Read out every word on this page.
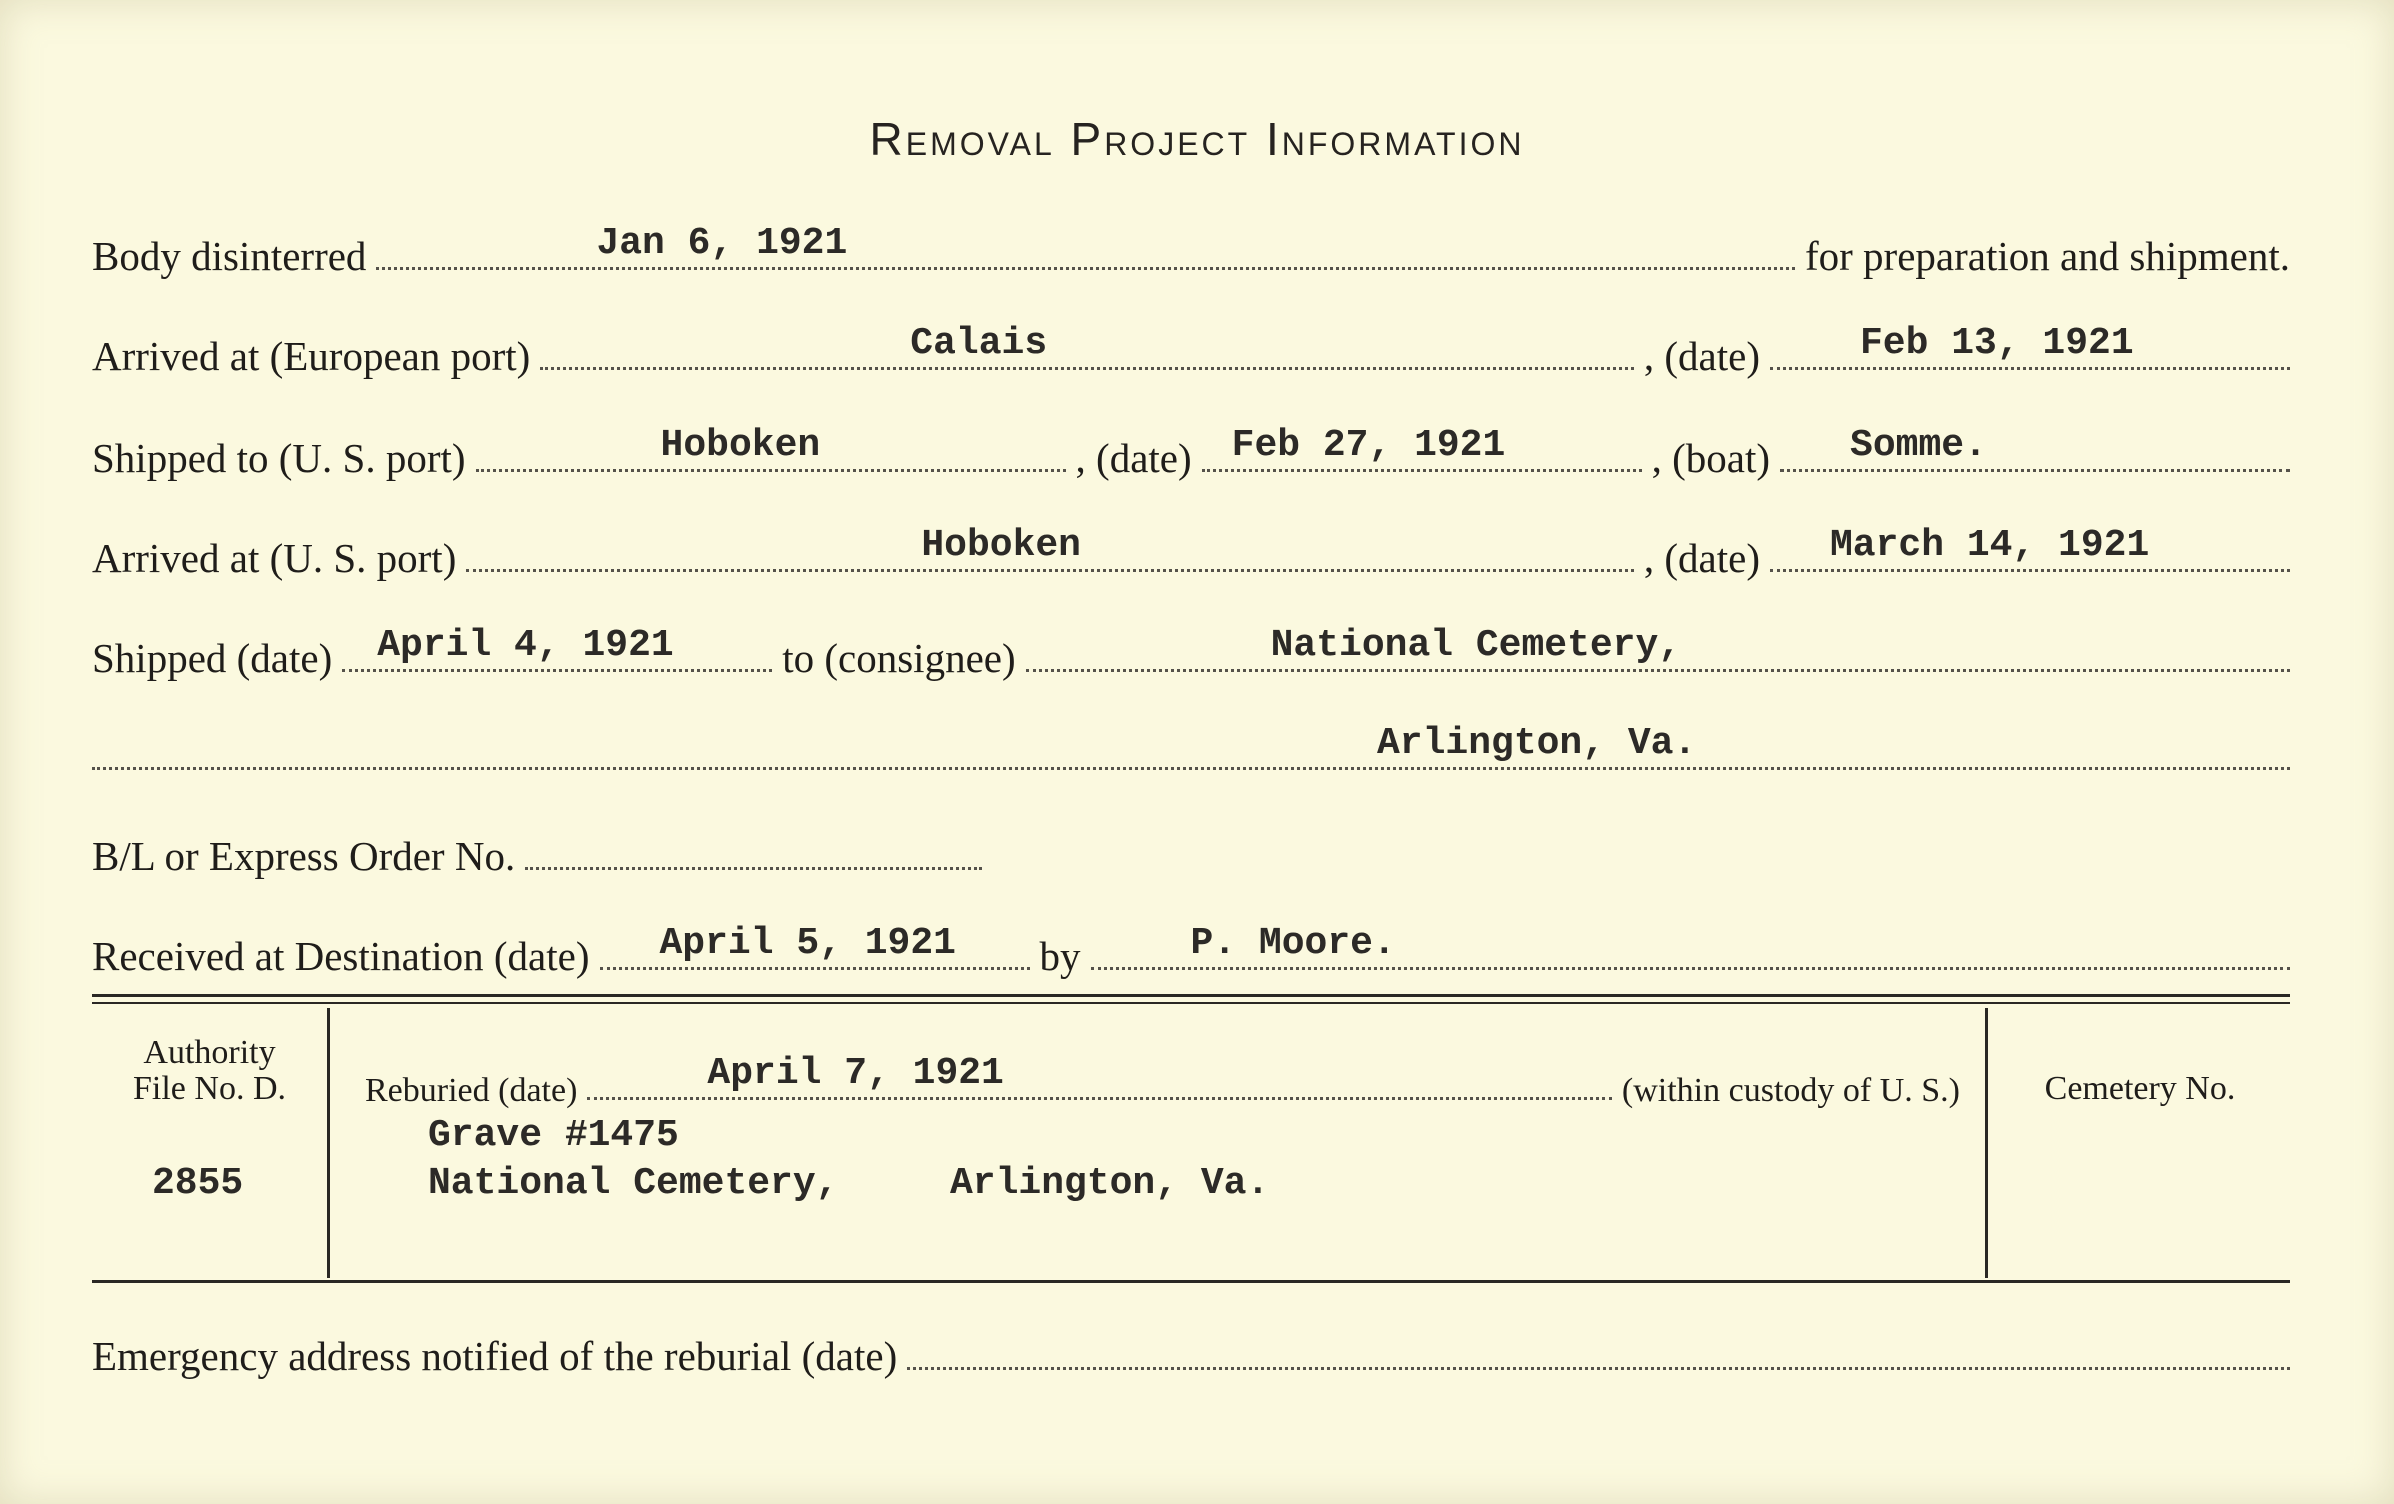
Removal Project Information
Body disinterred	Jan 6, 1921	for preparation and shipment.
Arrived at (European port)	Calais	, (date)	Feb 13, 1921
Shipped to (U. S. port)	Hoboken	, (date) Feb 27, 1921	, (boat) Somme.
Arrived at (U. S. port)	Hoboken	, (date) March 14, 1921
Shipped (date) April 4, 1921	to (consignee)	National Cemetery,
Arlington, Va.
B/L or Express Order No.
Received at Destination (date) April 5, 1921 by	P. Moore.
Authority
File No. D.
2855
Reburied (date)	April 7, 1921	(within custody of U. S.)
Grave #1475
National Cemetery,	Arlington, Va.
Cemetery No.
Emergency address notified of the reburial (date)
